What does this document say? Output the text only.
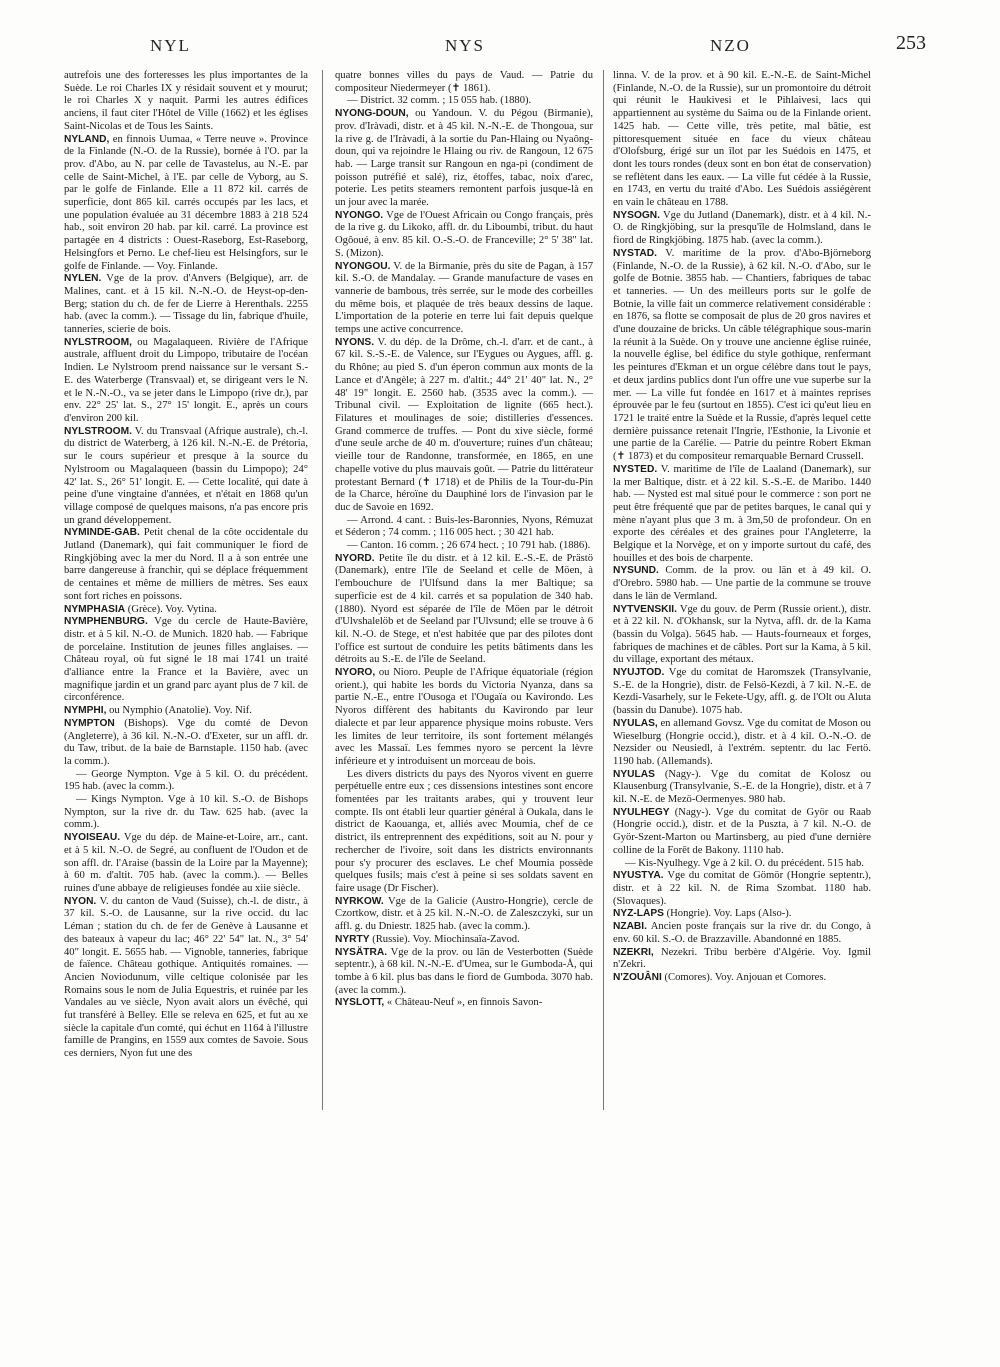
NYL	NYS	NZO	253

autrefois une des forteresses les plus importantes de la Suède. Le roi Charles IX y résidait souvent et y mourut; le roi Charles X y naquit. Parmi les autres édifices anciens, il faut citer l'Hôtel de Ville (1662) et les églises Saint-Nicolas et de Tous les Saints.

NYLAND, en finnois Uumaa, « Terre neuve ». Province de la Finlande (N.-O. de la Russie), bornée à l'O. par la prov. d'Abo, au N. par celle de Tavastelus, au N.-E. par celle de Saint-Michel, à l'E. par celle de Vyborg, au S. par le golfe de Finlande. Elle a 11 872 kil. carrés de superficie, dont 865 kil. carrés occupés par les lacs, et une population évaluée au 31 décembre 1883 à 218 524 hab., soit environ 20 hab. par kil. carré. La province est partagée en 4 districts : Ouest-Raseborg, Est-Raseborg, Helsingfors et Perno. Le chef-lieu est Helsingfors, sur le golfe de Finlande. — Voy. Finlande.

NYLEN. Vge de la prov. d'Anvers (Belgique), arr. de Malines, cant. et à 15 kil. N.-N.-O. de Heyst-op-den-Berg; station du ch. de fer de Lierre à Herenthals. 2255 hab. (avec la comm.). — Tissage du lin, fabrique d'huile, tanneries, scierie de bois.

NYLSTROOM, ou Magalaqueen. Rivière de l'Afrique australe, affluent droit du Limpopo, tributaire de l'océan Indien. Le Nylstroom prend naissance sur le versant S.-E. des Waterberge (Transvaal) et, se dirigeant vers le N. et le N.-N.-O., va se jeter dans le Limpopo (rive dr.), par env. 22° 25' lat. S., 27° 15' longit. E., après un cours d'environ 200 kil.

NYLSTROOM. V. du Transvaal (Afrique australe), ch.-l. du district de Waterberg, à 126 kil. N.-N.-E. de Prétoria, sur le cours supérieur et presque à la source du Nylstroom ou Magalaqueen (bassin du Limpopo); 24° 42' lat. S., 26° 51' longit. E. — Cette localité, qui date à peine d'une vingtaine d'années, et n'était en 1868 qu'un village composé de quelques maisons, n'a pas encore pris un grand développement.

NYMINDE-GAB. Petit chenal de la côte occidentale du Jutland (Danemark), qui fait communiquer le fiord de Ringkjöbing avec la mer du Nord. Il a à son entrée une barre dangereuse à franchir, qui se déplace fréquemment de centaines et même de milliers de mètres. Ses eaux sont fort riches en poissons.

NYMPHASIA (Grèce). Voy. Vytina.

NYMPHENBURG. Vge du cercle de Haute-Bavière, distr. et à 5 kil. N.-O. de Munich. 1820 hab. — Fabrique de porcelaine. Institution de jeunes filles anglaises. — Château royal, où fut signé le 18 mai 1741 un traité d'alliance entre la France et la Bavière, avec un magnifique jardin et un grand parc ayant plus de 7 kil. de circonférence.

NYMPHI, ou Nymphio (Anatolie). Voy. Nif.

NYMPTON (Bishops). Vge du comté de Devon (Angleterre), à 36 kil. N.-N.-O. d'Exeter, sur un affl. dr. du Taw, tribut. de la baie de Barnstaple. 1150 hab. (avec la comm.).

— George Nympton. Vge à 5 kil. O. du précédent. 195 hab. (avec la comm.).

— Kings Nympton. Vge à 10 kil. S.-O. de Bishops Nympton, sur la rive dr. du Taw. 625 hab. (avec la comm.).

NYOISEAU. Vge du dép. de Maine-et-Loire, arr., cant. et à 5 kil. N.-O. de Segré, au confluent de l'Oudon et de son affl. dr. l'Araise (bassin de la Loire par la Mayenne); à 60 m. d'altit. 705 hab. (avec la comm.). — Belles ruines d'une abbaye de religieuses fondée au xiie siècle.

NYON. V. du canton de Vaud (Suisse), ch.-l. de distr., à 37 kil. S.-O. de Lausanne, sur la rive occid. du lac Léman ; station du ch. de fer de Genève à Lausanne et des bateaux à vapeur du lac; 46° 22' 54" lat. N., 3° 54' 40" longit. E. 5655 hab. — Vignoble, tanneries, fabrique de faïence. Château gothique. Antiquités romaines. — Ancien Noviodunum, ville celtique colonisée par les Romains sous le nom de Julia Equestris, et ruinée par les Vandales au ve siècle, Nyon avait alors un évêché, qui fut transféré à Belley. Elle se releva en 625, et fut au xe siècle la capitale d'un comté, qui échut en 1164 à l'illustre famille de Prangins, en 1559 aux comtes de Savoie. Sous ces derniers, Nyon fut une des

quatre bonnes villes du pays de Vaud. — Patrie du compositeur Niedermeyer (✝ 1861).

— District. 32 comm. ; 15 055 hab. (1880).

NYONG-DOUN, ou Yandoun. V. du Pégou (Birmanie), prov. d'Iràvadi, distr. et à 45 kil. N.-N.-E. de Thongoua, sur la rive g. de l'Iràvadi, à la sortie du Pan-Hlaing ou Nyaông-doun, qui va rejoindre le Hlaing ou riv. de Rangoun, 12 675 hab. — Large transit sur Rangoun en nga-pi (condiment de poisson putréfié et salé), riz, étoffes, tabac, noix d'arec, poterie. Les petits steamers remontent parfois jusque-là en un jour avec la marée.

NYONGO. Vge de l'Ouest Africain ou Congo français, près de la rive g. du Likoko, affl. dr. du Liboumbi, tribut. du haut Ogôoué, à env. 85 kil. O.-S.-O. de Franceville; 2° 5' 38" lat. S. (Mizon).

NYONGOU. V. de la Birmanie, près du site de Pagan, à 157 kil. S.-O. de Mandalay. — Grande manufacture de vases en vannerie de bambous, très serrée, sur le mode des corbeilles du même bois, et plaquée de très beaux dessins de laque. L'importation de la poterie en terre lui fait depuis quelque temps une active concurrence.

NYONS. V. du dép. de la Drôme, ch.-l. d'arr. et de cant., à 67 kil. S.-S.-E. de Valence, sur l'Eygues ou Aygues, affl. g. du Rhône; au pied S. d'un éperon commun aux monts de la Lance et d'Angèle; à 227 m. d'altit.; 44° 21' 40" lat. N., 2° 48' 19" longit. E. 2560 hab. (3535 avec la comm.). — Tribunal civil. — Exploitation de lignite (665 hect.). Filatures et moulinages de soie; distilleries d'essences. Grand commerce de truffes. — Pont du xive siècle, formé d'une seule arche de 40 m. d'ouverture; ruines d'un château; vieille tour de Randonne, transformée, en 1865, en une chapelle votive du plus mauvais goût. — Patrie du littérateur protestant Bernard (✝ 1718) et de Philis de la Tour-du-Pin de la Charce, héroïne du Dauphiné lors de l'invasion par le duc de Savoie en 1692.

— Arrond. 4 cant. : Buis-les-Baronnies, Nyons, Rémuzat et Séderon ; 74 comm. ; 116 005 hect. ; 30 421 hab.

— Canton. 16 comm. ; 26 674 hect. ; 10 791 hab. (1886).

NYORD. Petite île du distr. et à 12 kil. E.-S.-E. de Prästö (Danemark), entre l'île de Seeland et celle de Möen, à l'embouchure de l'Ulfsund dans la mer Baltique; sa superficie est de 4 kil. carrés et sa population de 340 hab. (1880). Nyord est séparée de l'île de Möen par le détroit d'Ulvshalelöb et de Seeland par l'Ulvsund; elle se trouve à 6 kil. N.-O. de Stege, et n'est habitée que par des pilotes dont l'office est surtout de conduire les petits bâtiments dans les détroits au S.-E. de l'île de Seeland.

NYORO, ou Nioro. Peuple de l'Afrique équatoriale (région orient.), qui habite les bords du Victoria Nyanza, dans sa partie N.-E., entre l'Ousoga et l'Ougaïa ou Kavirondo. Les Nyoros diffèrent des habitants du Kavirondo par leur dialecte et par leur apparence physique moins robuste. Vers les limites de leur territoire, ils sont fortement mélangés avec les Massaï. Les femmes nyoro se percent la lèvre inférieure et y introduisent un morceau de bois.

Les divers districts du pays des Nyoros vivent en guerre perpétuelle entre eux ; ces dissensions intestines sont encore fomentées par les traitants arabes, qui y trouvent leur compte. Ils ont établi leur quartier général à Oukala, dans le district de Kaouanga, et, alliés avec Moumia, chef de ce district, ils entreprennent des expéditions, soit au N. pour y rechercher de l'ivoire, soit dans les districts environnants pour s'y procurer des esclaves. Le chef Moumia possède quelques fusils; mais c'est à peine si ses soldats savent en faire usage (Dr Fischer).

NYRKOW. Vge de la Galicie (Austro-Hongrie), cercle de Czortkow, distr. et à 25 kil. N.-N.-O. de Zaleszczyki, sur un affl. g. du Dniestr. 1825 hab. (avec la comm.).

NYRTY (Russie). Voy. Miochinsaïa-Zavod.

NYSÄTRA. Vge de la prov. ou län de Vesterbotten (Suède septentr.), à 68 kil. N.-N.-E. d'Umea, sur le Gumboda-Å, qui tombe à 6 kil. plus bas dans le fiord de Gumboda. 3070 hab. (avec la comm.).

NYSLOTT, « Château-Neuf », en finnois Savon-

linna. V. de la prov. et à 90 kil. E.-N.-E. de Saint-Michel (Finlande, N.-O. de la Russie), sur un promontoire du détroit qui réunit le Haukivesi et le Pihlaivesi, lacs qui appartiennent au système du Saima ou de la Finlande orient. 1425 hab. — Cette ville, très petite, mal bâtie, est pittoresquement située en face du vieux château d'Olofsburg, érigé sur un îlot par les Suédois en 1475, et dont les tours rondes (deux sont en bon état de conservation) se reflètent dans les eaux. — La ville fut cédée à la Russie, en 1743, en vertu du traité d'Abo. Les Suédois assiégèrent en vain le château en 1788.

NYSOGN. Vge du Jutland (Danemark), distr. et à 4 kil. N.-O. de Ringkjöbing, sur la presqu'île de Holmsland, dans le fiord de Ringkjöbing. 1875 hab. (avec la comm.).

NYSTAD. V. maritime de la prov. d'Abo-Björneborg (Finlande, N.-O. de la Russie), à 62 kil. N.-O. d'Abo, sur le golfe de Botnie. 3855 hab. — Chantiers, fabriques de tabac et tanneries. — Un des meilleurs ports sur le golfe de Botnie, la ville fait un commerce relativement considérable : en 1876, sa flotte se composait de plus de 20 gros navires et d'une douzaine de bricks. Un câble télégraphique sous-marin la réunit à la Suède. On y trouve une ancienne église ruinée, la nouvelle église, bel édifice du style gothique, renfermant les peintures d'Ekman et un orgue célèbre dans tout le pays, et deux jardins publics dont l'un offre une vue superbe sur la mer. — La ville fut fondée en 1617 et à maintes reprises éprouvée par le feu (surtout en 1855). C'est ici qu'eut lieu en 1721 le traité entre la Suède et la Russie, d'après lequel cette dernière puissance retenait l'Ingrie, l'Esthonie, la Livonie et une partie de la Carélie. — Patrie du peintre Robert Ekman (✝ 1873) et du compositeur remarquable Bernard Crussell.

NYSTED. V. maritime de l'île de Laaland (Danemark), sur la mer Baltique, distr. et à 22 kil. S.-S.-E. de Maribo. 1440 hab. — Nysted est mal situé pour le commerce : son port ne peut être fréquenté que par de petites barques, le canal qui y mène n'ayant plus que 3 m. à 3m,50 de profondeur. On en exporte des céréales et des graines pour l'Angleterre, la Belgique et la Norvège, et on y importe surtout du café, des houilles et des bois de charpente.

NYSUND. Comm. de la prov. ou län et à 49 kil. O. d'Orebro. 5980 hab. — Une partie de la commune se trouve dans le län de Vermland.

NYTVENSKII. Vge du gouv. de Perm (Russie orient.), distr. et à 22 kil. N. d'Okhansk, sur la Nytva, affl. dr. de la Kama (bassin du Volga). 5645 hab. — Hauts-fourneaux et forges, fabriques de machines et de câbles. Port sur la Kama, à 5 kil. du village, exportant des métaux.

NYUJTOD. Vge du comitat de Haromszek (Transylvanie, S.-E. de la Hongrie), distr. de Felsö-Kezdi, à 7 kil. N.-E. de Kezdi-Vasarhely, sur le Fekete-Ugy, affl. g. de l'Olt ou Aluta (bassin du Danube). 1075 hab.

NYULAS, en allemand Govsz. Vge du comitat de Moson ou Wieselburg (Hongrie occid.), distr. et à 4 kil. O.-N.-O. de Nezsider ou Neusiedl, à l'extrém. septentr. du lac Fertö. 1190 hab. (Allemands).

NYULAS (Nagy-). Vge du comitat de Kolosz ou Klausenburg (Transylvanie, S.-E. de la Hongrie), distr. et à 7 kil. N.-E. de Mezö-Oermenyes. 980 hab.

NYULHEGY (Nagy-). Vge du comitat de Györ ou Raab (Hongrie occid.), distr. et de la Puszta, à 7 kil. N.-O. de Györ-Szent-Marton ou Martinsberg, au pied d'une dernière colline de la Forêt de Bakony. 1110 hab.

— Kis-Nyulhegy. Vge à 2 kil. O. du précédent. 515 hab.

NYUSTYA. Vge du comitat de Gömör (Hongrie septentr.), distr. et à 22 kil. N. de Rima Szombat. 1180 hab. (Slovaques).

NYZ-LAPS (Hongrie). Voy. Laps (Also-).

NZABI. Ancien poste français sur la rive dr. du Congo, à env. 60 kil. S.-O. de Brazzaville. Abandonné en 1885.

NZEKRI, Nezekri. Tribu berbère d'Algérie. Voy. Igmil n'Zekri.

N'ZOUÂNI (Comores). Voy. Anjouan et Comores.
